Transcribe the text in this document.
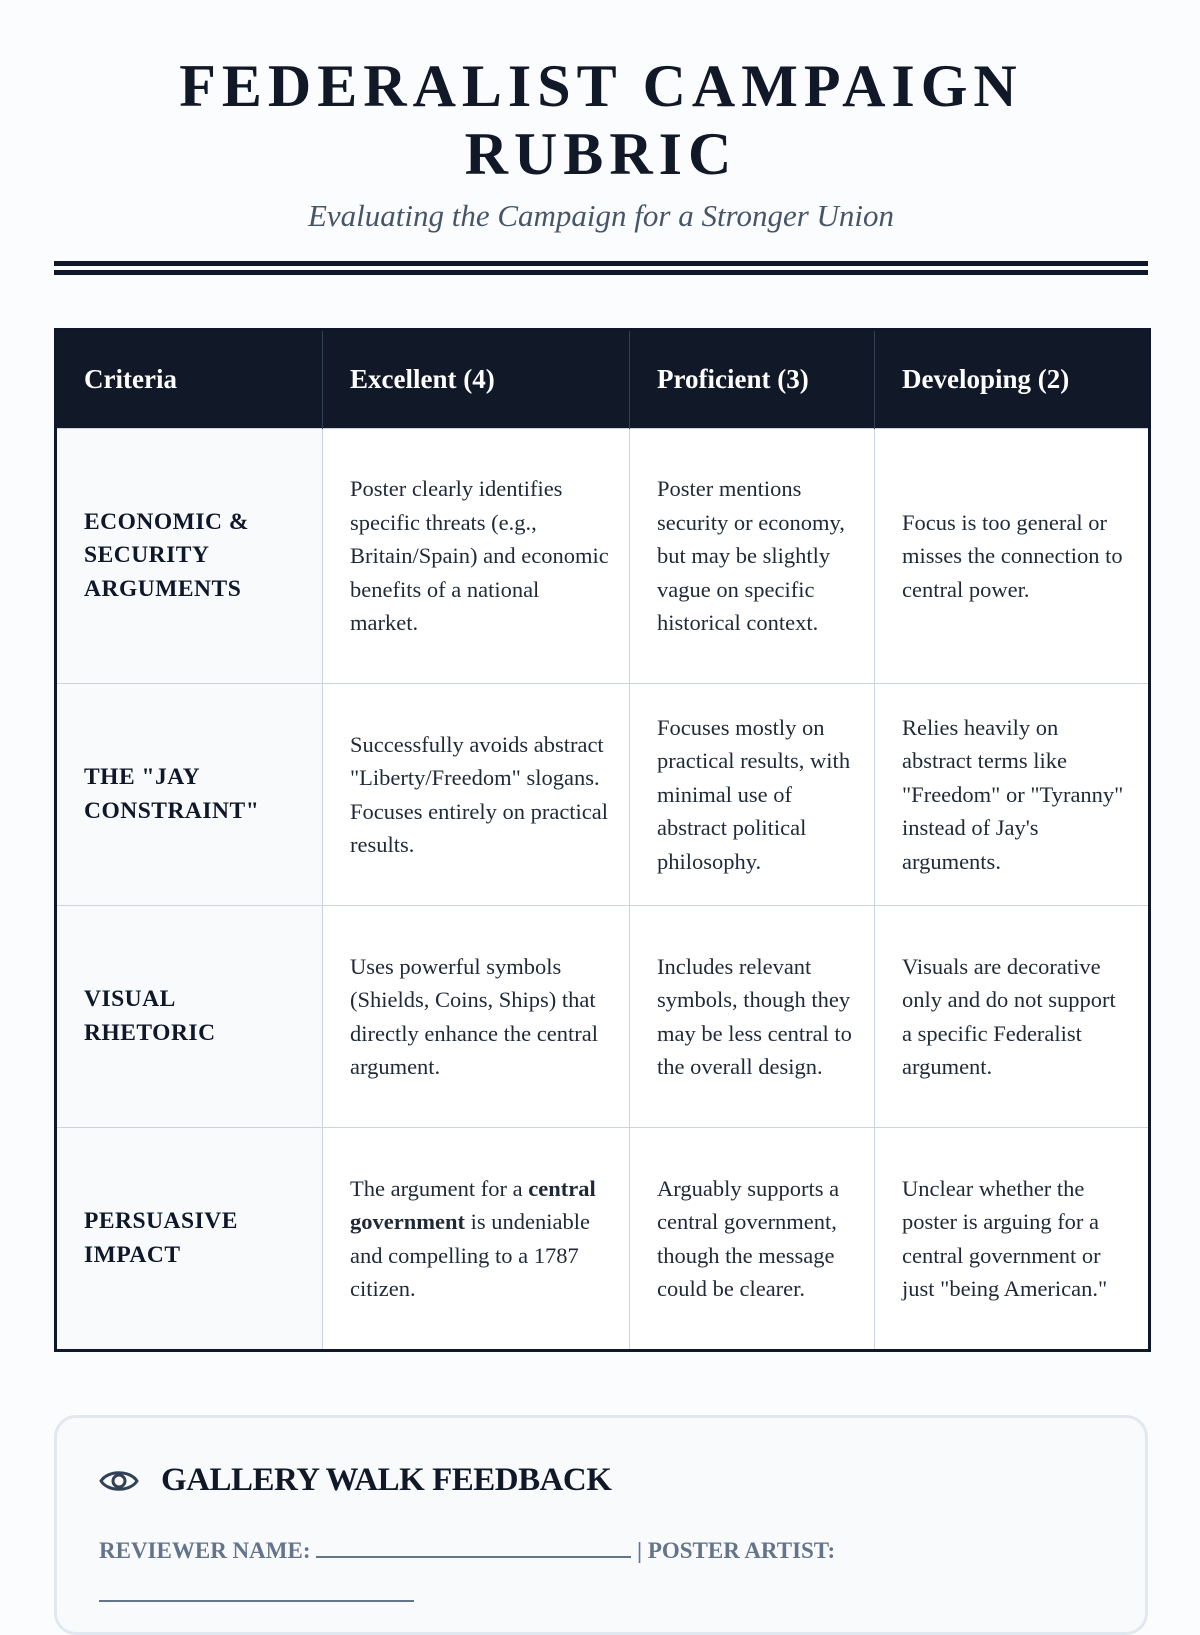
FEDERALIST CAMPAIGN
RUBRIC
Evaluating the Campaign for a Stronger Union
Criteria	Excellent (4)	Proficient (3)	Developing (2)
ECONOMIC & SECURITY ARGUMENTS	Poster clearly identifies specific threats (e.g., Britain/Spain) and economic benefits of a national market.	Poster mentions security or economy, but may be slightly vague on specific historical context.	Focus is too general or misses the connection to central power.
THE "JAY CONSTRAINT"	Successfully avoids abstract "Liberty/Freedom" slogans. Focuses entirely on practical results.	Focuses mostly on practical results, with minimal use of abstract political philosophy.	Relies heavily on abstract terms like "Freedom" or "Tyranny" instead of Jay's arguments.
VISUAL RHETORIC	Uses powerful symbols (Shields, Coins, Ships) that directly enhance the central argument.	Includes relevant symbols, though they may be less central to the overall design.	Visuals are decorative only and do not support a specific Federalist argument.
PERSUASIVE IMPACT	The argument for a central government is undeniable and compelling to a 1787 citizen.	Arguably supports a central government, though the message could be clearer.	Unclear whether the poster is arguing for a central government or just "being American."
GALLERY WALK FEEDBACK
REVIEWER NAME:	| POSTER ARTIST:
